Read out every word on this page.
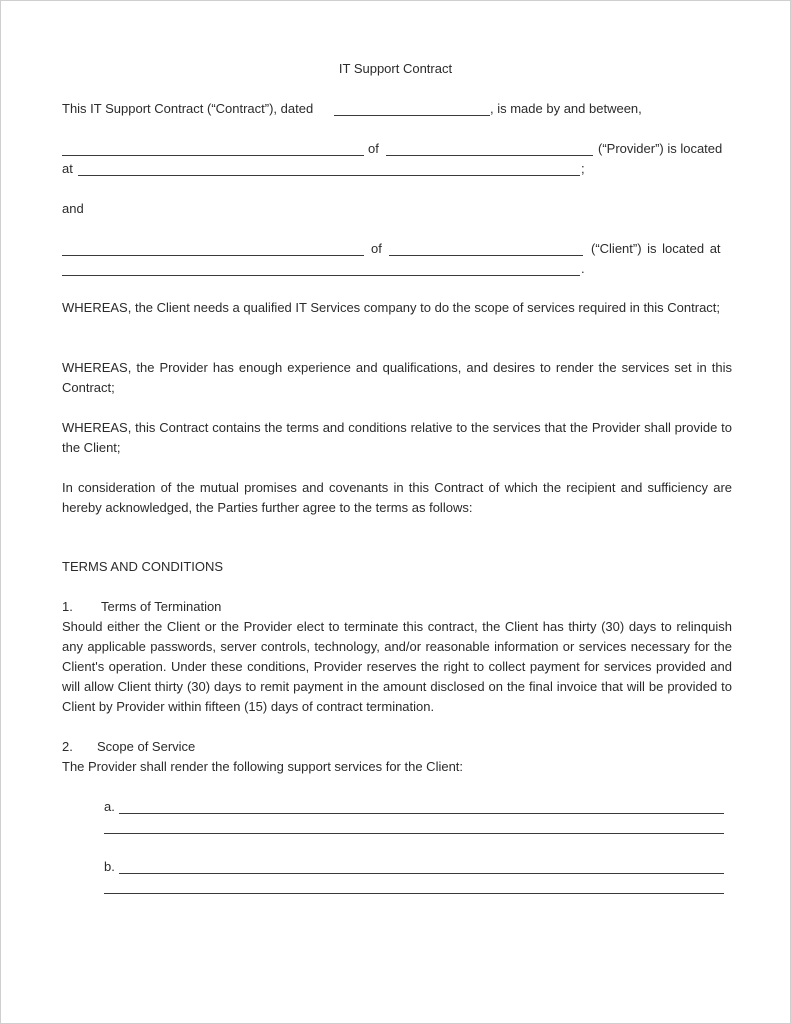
IT Support Contract
This IT Support Contract (“Contract”), dated	, is made by and between,
of	(“Provider”) is located
at	;
and
of	(“Client”) is located at
.
WHEREAS, the Client needs a qualified IT Services company to do the scope of services required in this Contract;
WHEREAS, the Provider has enough experience and qualifications, and desires to render the services set in this Contract;
WHEREAS, this Contract contains the terms and conditions relative to the services that the Provider shall provide to the Client;
In consideration of the mutual promises and covenants in this Contract of which the recipient and sufficiency are hereby acknowledged, the Parties further agree to the terms as follows:
TERMS AND CONDITIONS
1. Terms of Termination
Should either the Client or the Provider elect to terminate this contract, the Client has thirty (30) days to relinquish any applicable passwords, server controls, technology, and/or reasonable information or services necessary for the Client's operation. Under these conditions, Provider reserves the right to collect payment for services provided and will allow Client thirty (30) days to remit payment in the amount disclosed on the final invoice that will be provided to Client by Provider within fifteen (15) days of contract termination.
2. Scope of Service
The Provider shall render the following support services for the Client:
a.
b.
